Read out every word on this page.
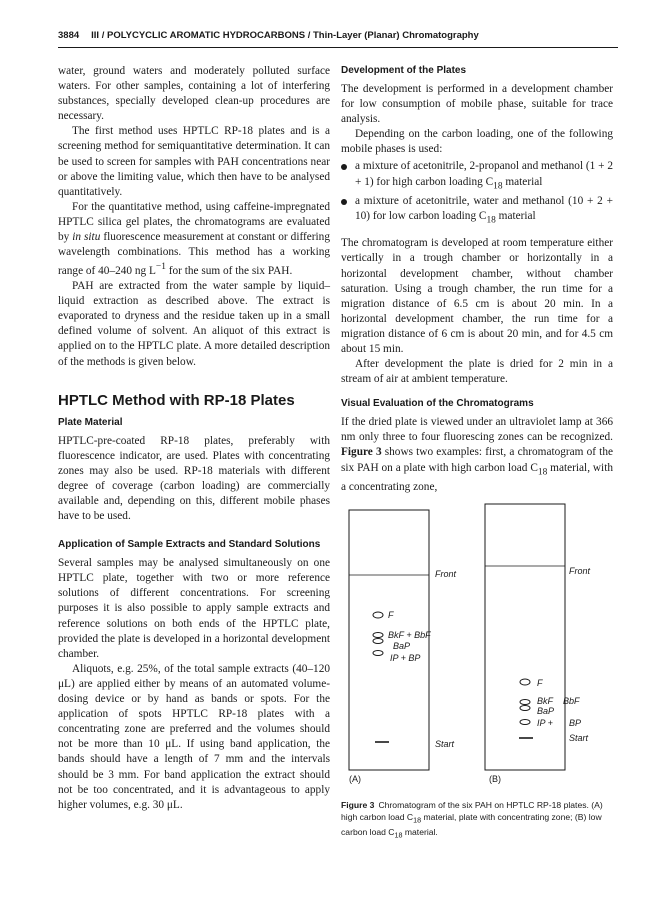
3884 III / POLYCYCLIC AROMATIC HYDROCARBONS / Thin-Layer (Planar) Chromatography

water, ground waters and moderately polluted surface waters. For other samples, containing a lot of interfering substances, specially developed clean-up procedures are necessary.

The first method uses HPTLC RP-18 plates and is a screening method for semiquantitative determination. It can be used to screen for samples with PAH concentrations near or above the limiting value, which then have to be analysed quantitatively.

For the quantitative method, using caffeine-impregnated HPTLC silica gel plates, the chromatograms are evaluated by in situ fluorescence measurement at constant or differing wavelength combinations. This method has a working range of 40–240 ng $L^{-1}$ for the sum of the six PAH.

PAH are extracted from the water sample by liquid–liquid extraction as described above. The extract is evaporated to dryness and the residue taken up in a small defined volume of solvent. An aliquot of this extract is applied on to the HPTLC plate. A more detailed description of the methods is given below.

HPTLC Method with RP-18 Plates
Plate Material

HPTLC-pre-coated RP-18 plates, preferably with fluorescence indicator, are used. Plates with concentrating zones may also be used. RP-18 materials with different degree of coverage (carbon loading) are commercially available and, depending on this, different mobile phases have to be used.

Application of Sample Extracts and Standard Solutions

Several samples may be analysed simultaneously on one HPTLC plate, together with two or more reference solutions of different concentrations. For screening purposes it is also possible to apply sample extracts and reference solutions on both ends of the HPTLC plate, provided the plate is developed in a horizontal development chamber.

Aliquots, e.g. 25%, of the total sample extracts (40–120 μL) are applied either by means of an automated volume-dosing device or by hand as bands or spots. For the application of spots HPTLC RP-18 plates with a concentrating zone are preferred and the volumes should not be more than 10 μL. If using band application, the bands should have a length of 7 mm and the intervals should be 3 mm. For band application the extract should not be too concentrated, and it is advantageous to apply higher volumes, e.g. 30 μL.

Development of the Plates

The development is performed in a development chamber for low consumption of mobile phase, suitable for trace analysis.

Depending on the carbon loading, one of the following mobile phases is used:

a mixture of acetonitrile, 2-propanol and methanol (1 + 2 + 1) for high carbon loading $C_{18}$ material
a mixture of acetonitrile, water and methanol (10 + 2 + 10) for low carbon loading $C_{18}$ material

The chromatogram is developed at room temperature either vertically in a trough chamber or horizontally in a horizontal development chamber, without chamber saturation. Using a trough chamber, the run time for a migration distance of 6.5 cm is about 20 min. In a horizontal development chamber, the run time for a migration distance of 6 cm is about 20 min, and for 4.5 cm about 15 min.

After development the plate is dried for 2 min in a stream of air at ambient temperature.

Visual Evaluation of the Chromatograms

If the dried plate is viewed under an ultraviolet lamp at 366 nm only three to four fluorescing zones can be recognized. Figure 3 shows two examples: first, a chromatogram of the six PAH on a plate with high carbon load $C_{18}$ material, with a concentrating zone,

Front
Start
F
BkF + BbF
BaP
IP + BP
(A)
Front
Start
F
BkF
BaP
BbF
IP + BP
(B)
Figure 3 Chromatogram of the six PAH on HPTLC RP-18 plates. (A) high carbon load $C_{18}$ material, plate with concentrating zone; (B) low carbon load $C_{18}$ material.
